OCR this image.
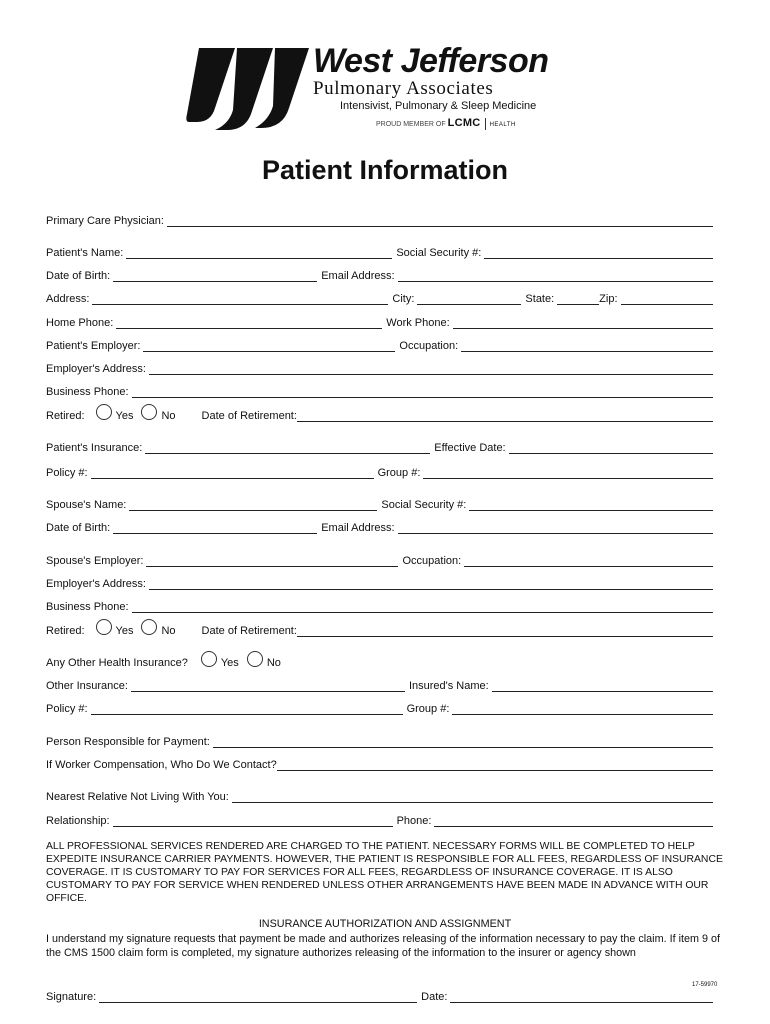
West Jefferson
Pulmonary Associates
Intensivist, Pulmonary & Sleep Medicine
PROUD MEMBER OF LCMC HEALTH
Patient Information
Primary Care Physician:
Patient's Name:	Social Security #:
Date of Birth:	Email Address:
Address:	City:	State:	Zip:
Home Phone:	Work Phone:
Patient's Employer:	Occupation:
Employer's Address:
Business Phone:
Retired:	Yes	No Date of Retirement:
Patient's Insurance:	Effective Date:
Policy #:	Group #:
Spouse's Name:	Social Security #:
Date of Birth:	Email Address:
Spouse's Employer:	Occupation:
Employer's Address:
Business Phone:
Retired:	Yes	No Date of Retirement:
Any Other Health Insurance?	Yes	No
Other Insurance:	Insured's Name:
Policy #:	Group #:
Person Responsible for Payment:
If Worker Compensation, Who Do We Contact?
Nearest Relative Not Living With You:
Relationship:	Phone:
ALL PROFESSIONAL SERVICES RENDERED ARE CHARGED TO THE PATIENT. NECESSARY FORMS WILL BE COMPLETED TO HELP EXPEDITE INSURANCE CARRIER PAYMENTS. HOWEVER, THE PATIENT IS RESPONSIBLE FOR ALL FEES, REGARDLESS OF INSURANCE COVERAGE. IT IS CUSTOMARY TO PAY FOR SERVICES FOR ALL FEES, REGARDLESS OF INSURANCE COVERAGE. IT IS ALSO CUSTOMARY TO PAY FOR SERVICE WHEN RENDERED UNLESS OTHER ARRANGEMENTS HAVE BEEN MADE IN ADVANCE WITH OUR OFFICE.
INSURANCE AUTHORIZATION AND ASSIGNMENT
I understand my signature requests that payment be made and authorizes releasing of the information necessary to pay the claim. If item 9 of the CMS 1500 claim form is completed, my signature authorizes releasing of the information to the insurer or agency shown
17-59970
Signature:	Date:
